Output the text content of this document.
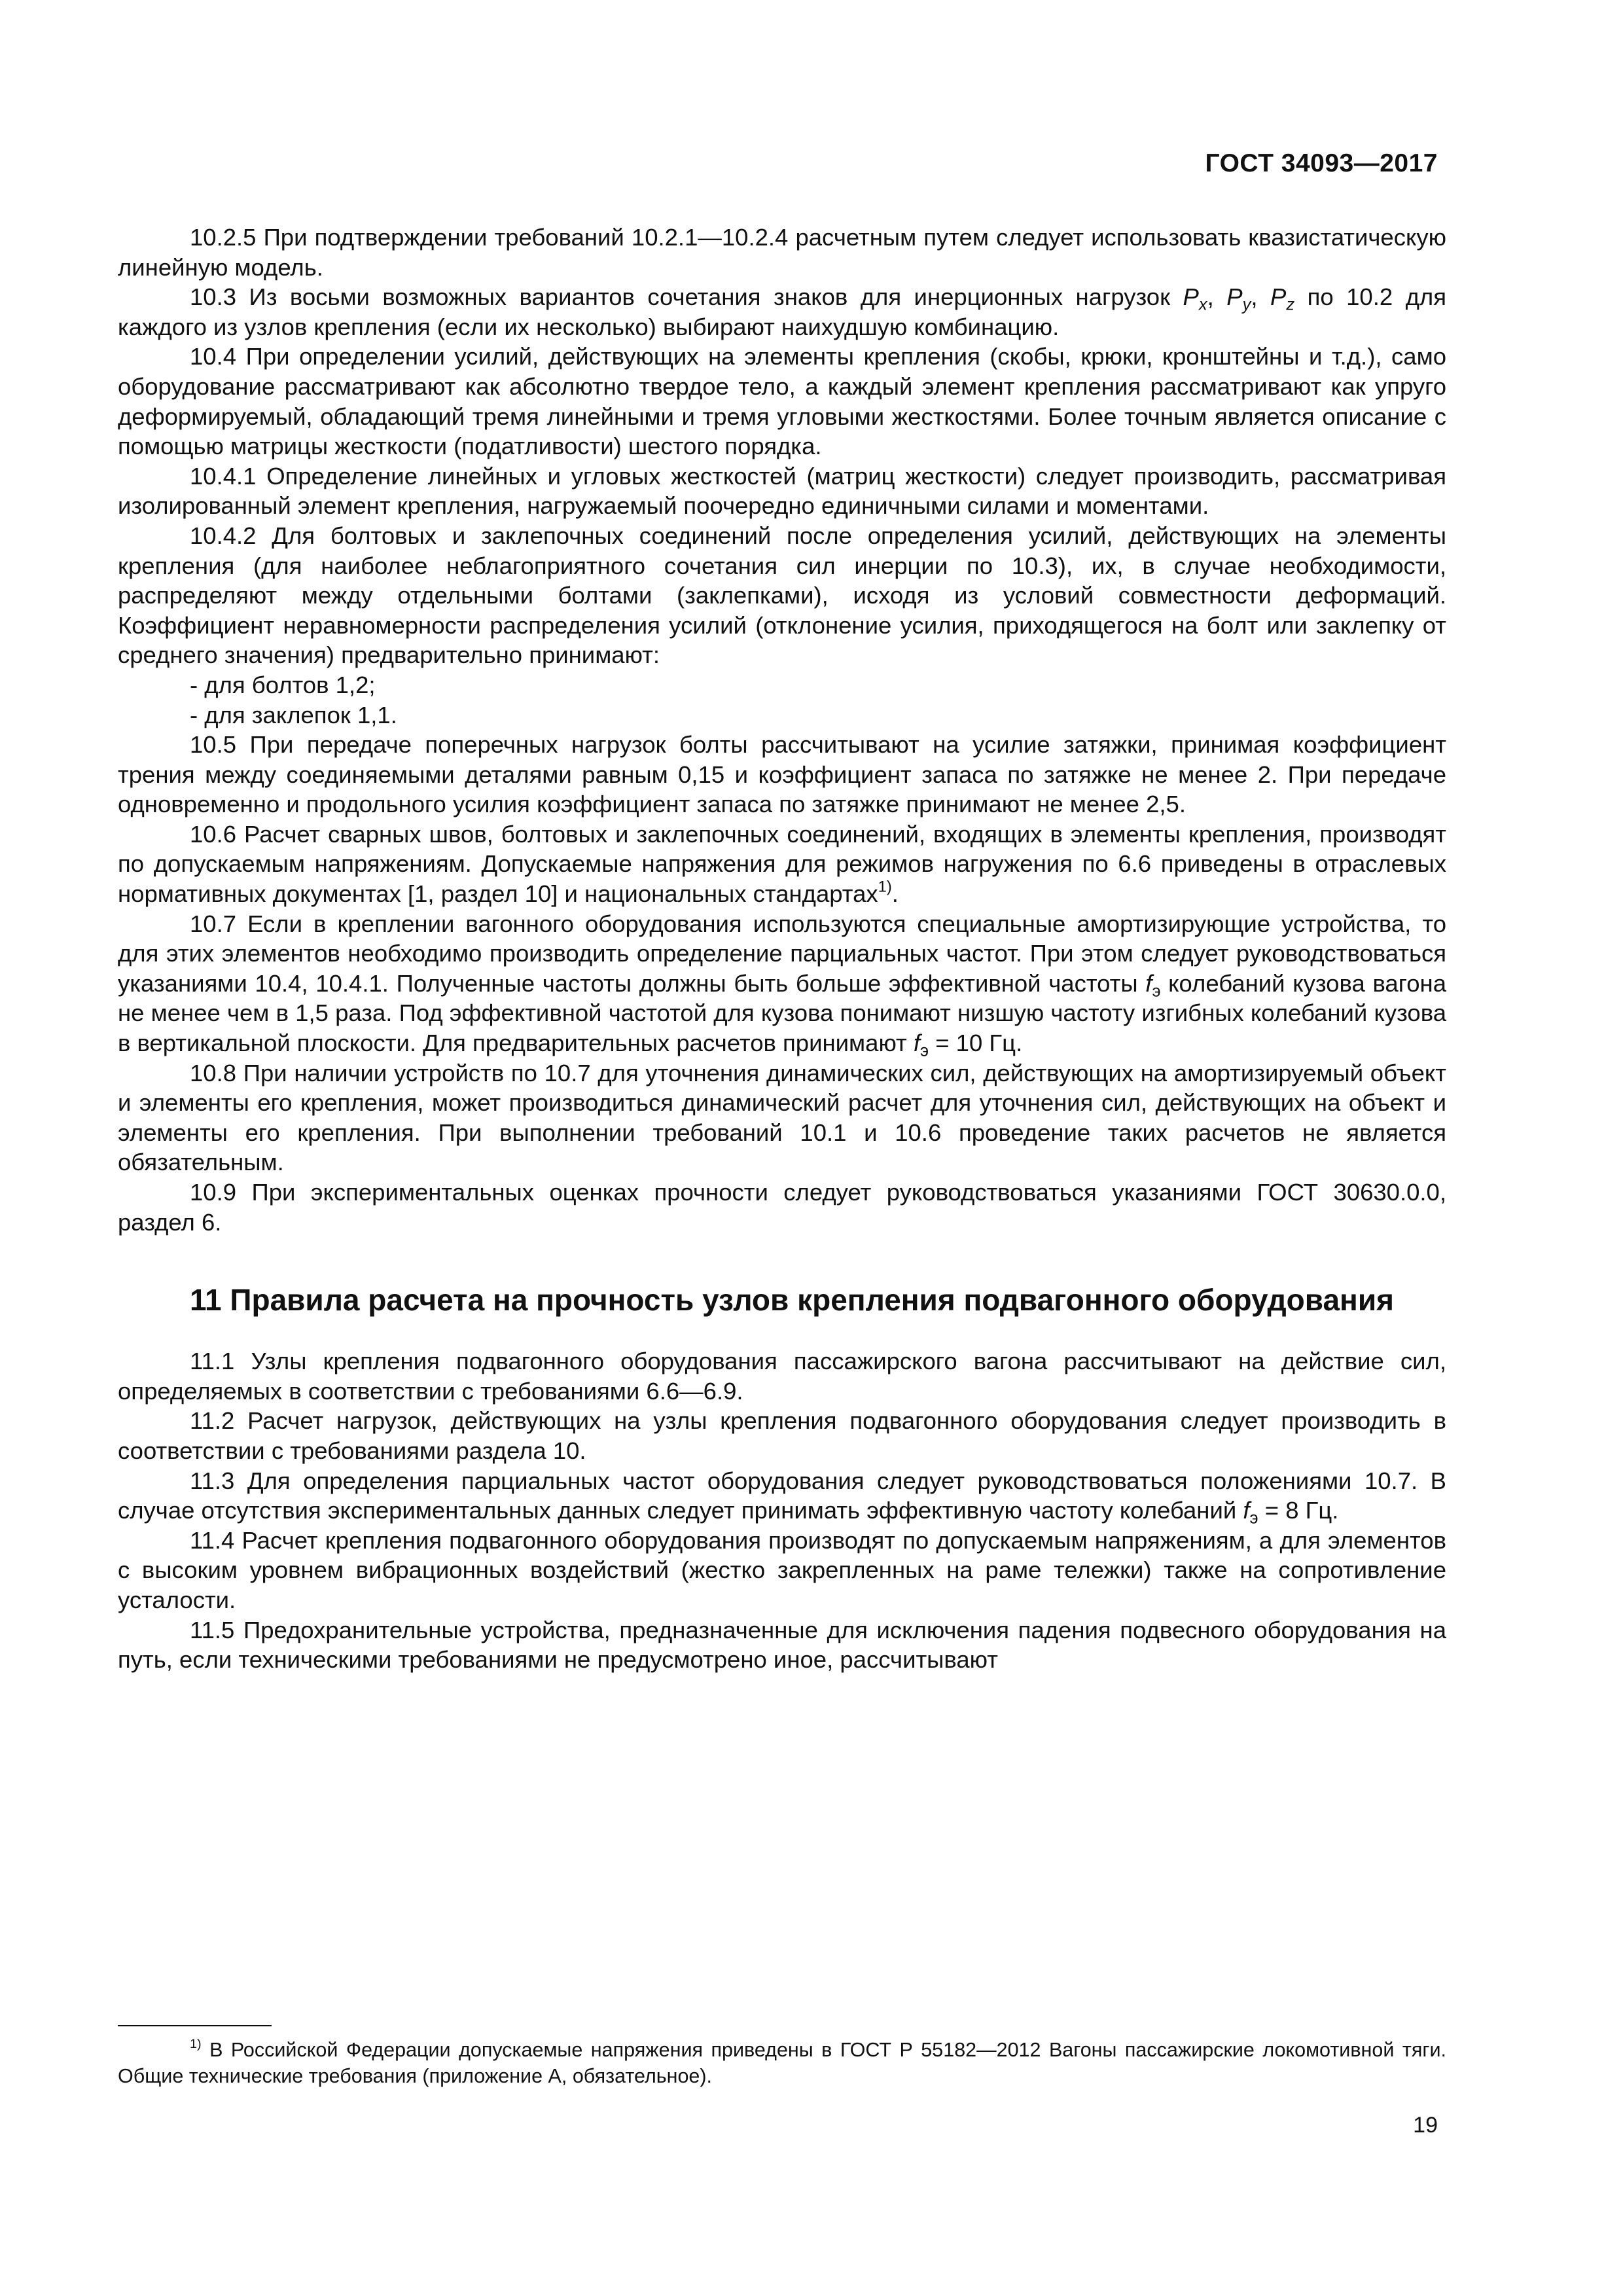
ГОСТ 34093—2017

10.2.5 При подтверждении требований 10.2.1—10.2.4 расчетным путем следует использовать квазистатическую линейную модель.

10.3 Из восьми возможных вариантов сочетания знаков для инерционных нагрузок $P_x$, $P_y$, $P_z$ по 10.2 для каждого из узлов крепления (если их несколько) выбирают наихудшую комбинацию.

10.4 При определении усилий, действующих на элементы крепления (скобы, крюки, кронштейны и т.д.), само оборудование рассматривают как абсолютно твердое тело, а каждый элемент крепления рассматривают как упруго деформируемый, обладающий тремя линейными и тремя угловыми жесткостями. Более точным является описание с помощью матрицы жесткости (податливости) шестого порядка.

10.4.1 Определение линейных и угловых жесткостей (матриц жесткости) следует производить, рассматривая изолированный элемент крепления, нагружаемый поочередно единичными силами и моментами.

10.4.2 Для болтовых и заклепочных соединений после определения усилий, действующих на элементы крепления (для наиболее неблагоприятного сочетания сил инерции по 10.3), их, в случае необходимости, распределяют между отдельными болтами (заклепками), исходя из условий совместности деформаций. Коэффициент неравномерности распределения усилий (отклонение усилия, приходящегося на болт или заклепку от среднего значения) предварительно принимают:

- для болтов 1,2;

- для заклепок 1,1.

10.5 При передаче поперечных нагрузок болты рассчитывают на усилие затяжки, принимая коэффициент трения между соединяемыми деталями равным 0,15 и коэффициент запаса по затяжке не менее 2. При передаче одновременно и продольного усилия коэффициент запаса по затяжке принимают не менее 2,5.

10.6 Расчет сварных швов, болтовых и заклепочных соединений, входящих в элементы крепления, производят по допускаемым напряжениям. Допускаемые напряжения для режимов нагружения по 6.6 приведены в отраслевых нормативных документах [1, раздел 10] и национальных стандартах$^{1)}$.

10.7 Если в креплении вагонного оборудования используются специальные амортизирующие устройства, то для этих элементов необходимо производить определение парциальных частот. При этом следует руководствоваться указаниями 10.4, 10.4.1. Полученные частоты должны быть больше эффективной частоты $f_э$ колебаний кузова вагона не менее чем в 1,5 раза. Под эффективной частотой для кузова понимают низшую частоту изгибных колебаний кузова в вертикальной плоскости. Для предварительных расчетов принимают $f_э = 10$ Гц.

10.8 При наличии устройств по 10.7 для уточнения динамических сил, действующих на амортизируемый объект и элементы его крепления, может производиться динамический расчет для уточнения сил, действующих на объект и элементы его крепления. При выполнении требований 10.1 и 10.6 проведение таких расчетов не является обязательным.

10.9 При экспериментальных оценках прочности следует руководствоваться указаниями ГОСТ 30630.0.0, раздел 6.

11 Правила расчета на прочность узлов крепления подвагонного оборудования

11.1 Узлы крепления подвагонного оборудования пассажирского вагона рассчитывают на действие сил, определяемых в соответствии с требованиями 6.6—6.9.

11.2 Расчет нагрузок, действующих на узлы крепления подвагонного оборудования следует производить в соответствии с требованиями раздела 10.

11.3 Для определения парциальных частот оборудования следует руководствоваться положениями 10.7. В случае отсутствия экспериментальных данных следует принимать эффективную частоту колебаний $f_э = 8$ Гц.

11.4 Расчет крепления подвагонного оборудования производят по допускаемым напряжениям, а для элементов с высоким уровнем вибрационных воздействий (жестко закрепленных на раме тележки) также на сопротивление усталости.

11.5 Предохранительные устройства, предназначенные для исключения падения подвесного оборудования на путь, если техническими требованиями не предусмотрено иное, рассчитывают

$^{1)}$ В Российской Федерации допускаемые напряжения приведены в ГОСТ Р 55182—2012 Вагоны пассажирские локомотивной тяги. Общие технические требования (приложение А, обязательное).

19
